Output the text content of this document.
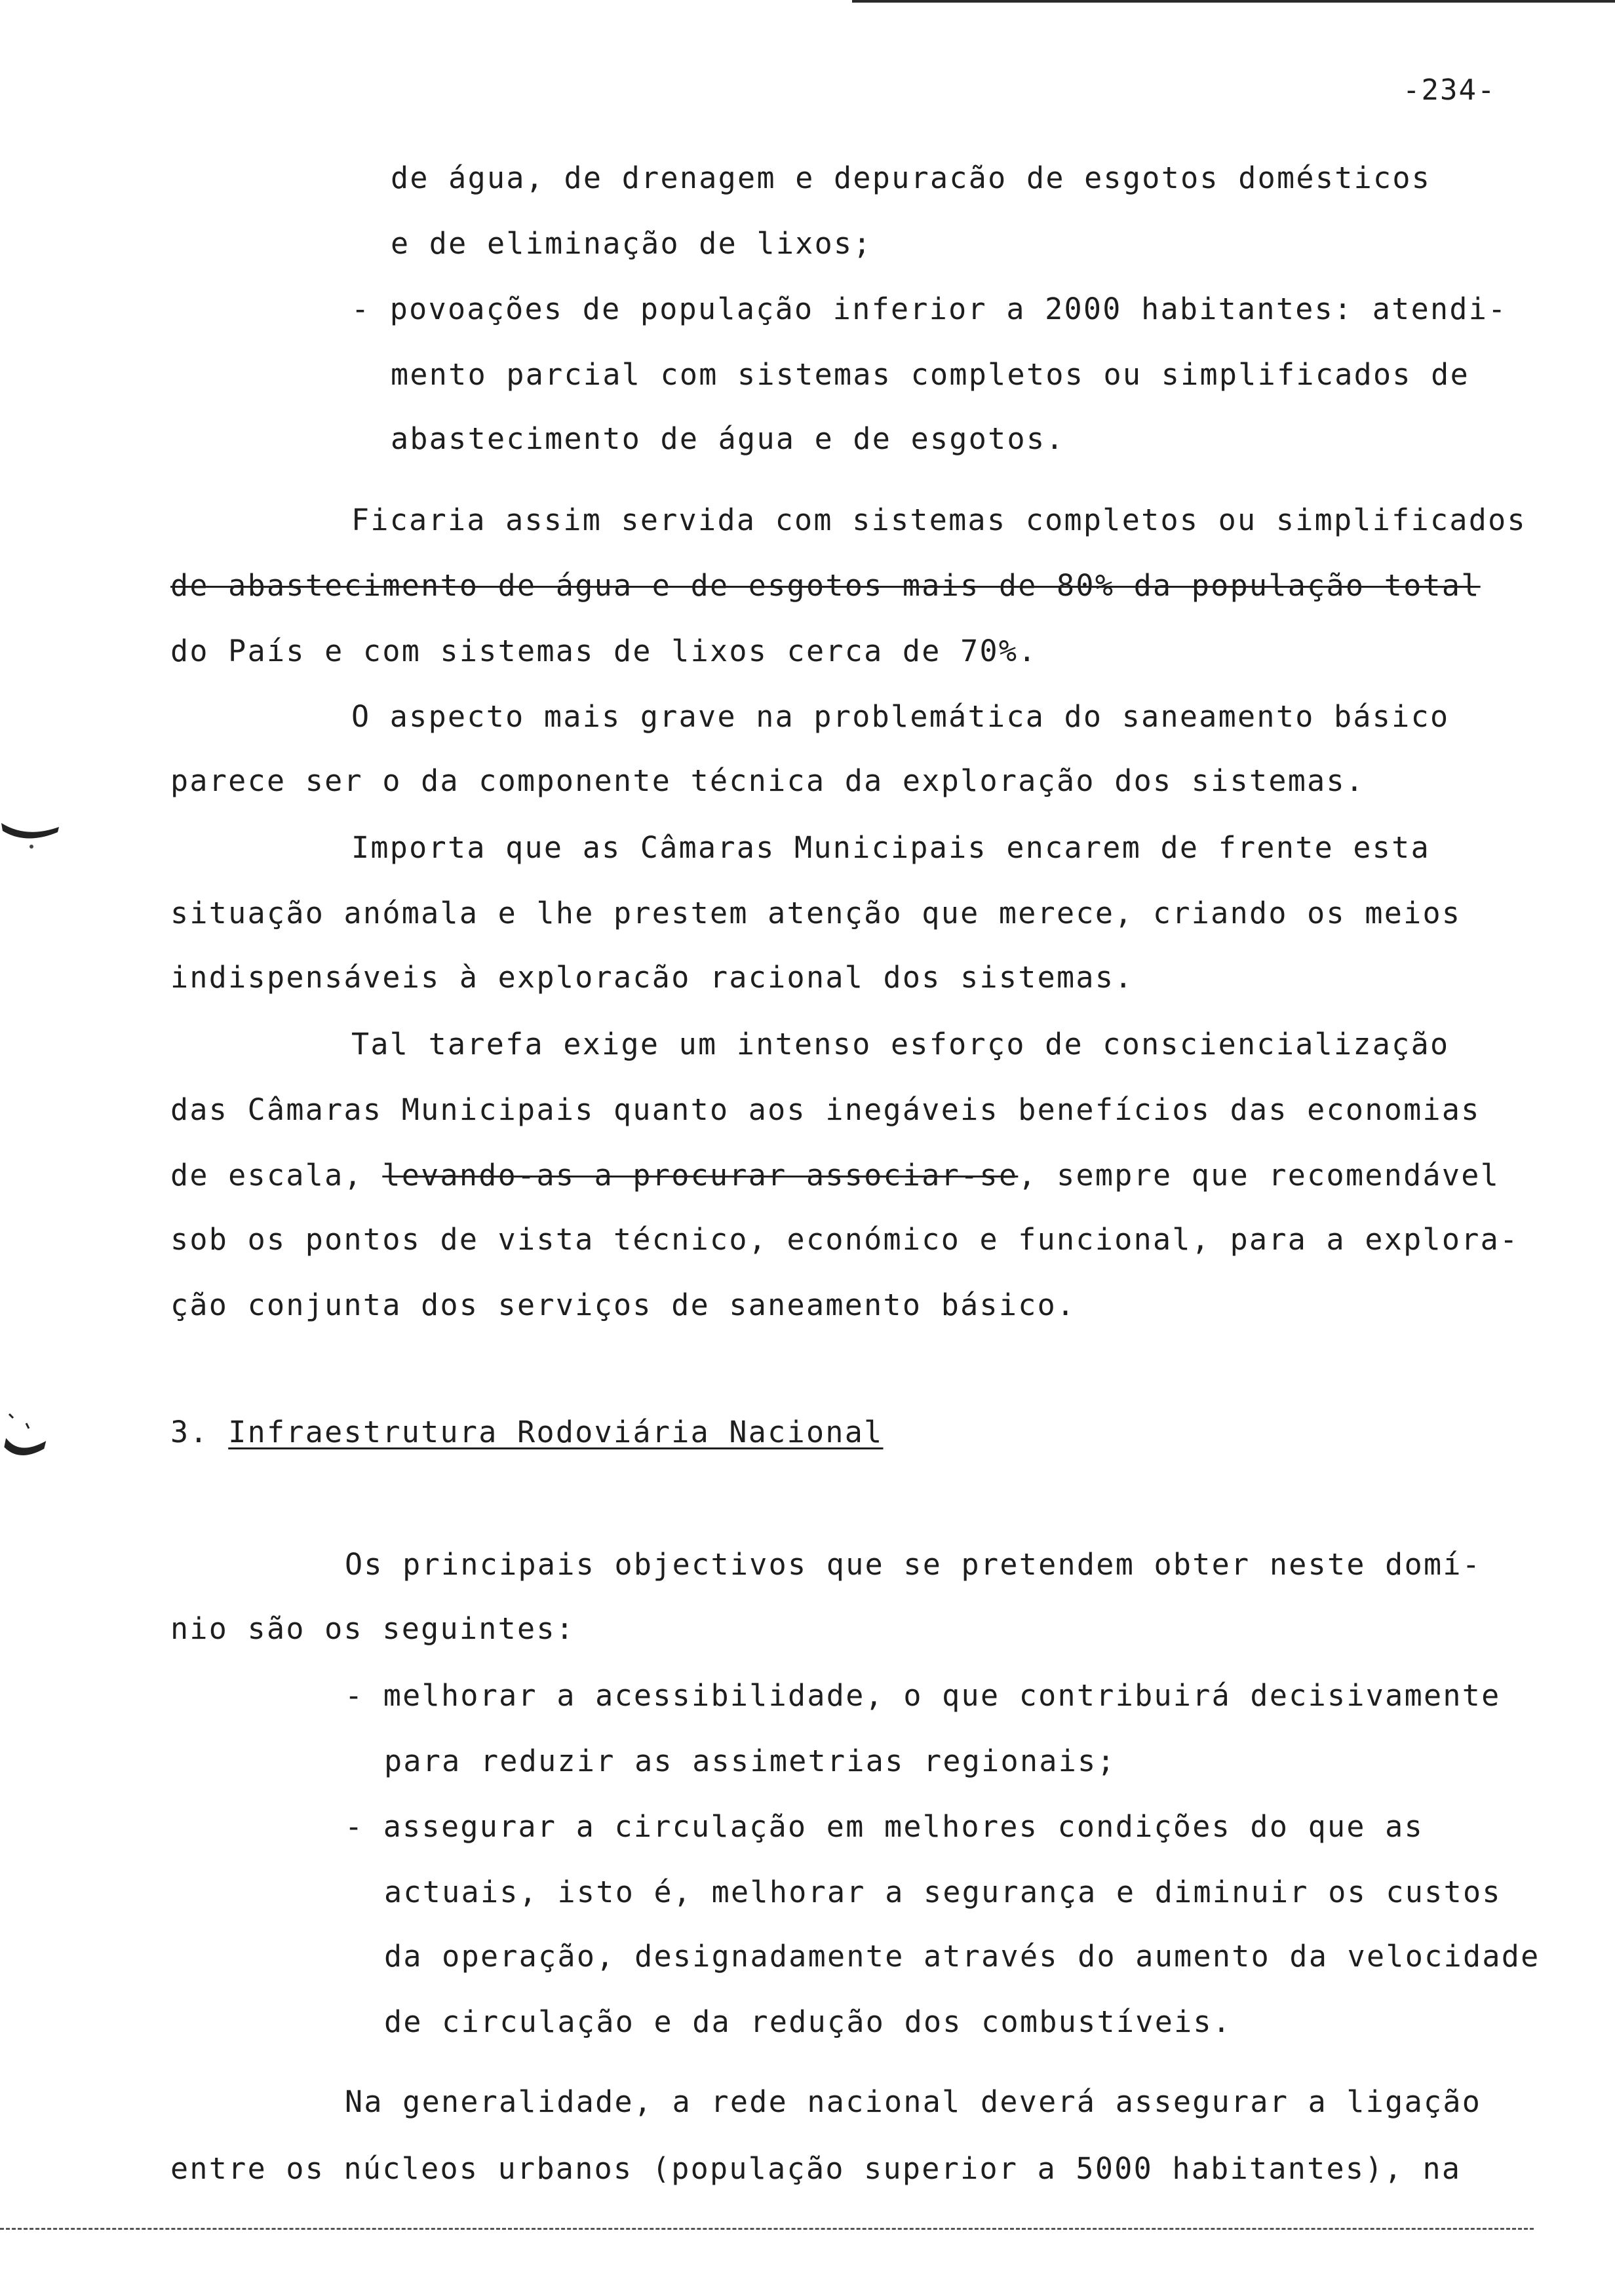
-234-
de água, de drenagem e depuracão de esgotos domésticos
e de eliminação de lixos;
- povoações de população inferior a 2000 habitantes: atendi-
mento parcial com sistemas completos ou simplificados de
abastecimento de água e de esgotos.
Ficaria assim servida com sistemas completos ou simplificados
de abastecimento de água e de esgotos mais de 80% da população total
do País e com sistemas de lixos cerca de 70%.
O aspecto mais grave na problemática do saneamento básico
parece ser o da componente técnica da exploração dos sistemas.
Importa que as Câmaras Municipais encarem de frente esta
situação anómala e lhe prestem atenção que merece, criando os meios
indispensáveis à exploracão racional dos sistemas.
Tal tarefa exige um intenso esforço de consciencialização
das Câmaras Municipais quanto aos inegáveis benefícios das economias
de escala, levando-as a procurar associar-se, sempre que recomendável
sob os pontos de vista técnico, económico e funcional, para a explora-
ção conjunta dos serviços de saneamento básico.
3. Infraestrutura Rodoviária Nacional
Os principais objectivos que se pretendem obter neste domí-
nio são os seguintes:
- melhorar a acessibilidade, o que contribuirá decisivamente
para reduzir as assimetrias regionais;
- assegurar a circulação em melhores condições do que as
actuais, isto é, melhorar a segurança e diminuir os custos
da operação, designadamente através do aumento da velocidade
de circulação e da redução dos combustíveis.
Na generalidade, a rede nacional deverá assegurar a ligação
entre os núcleos urbanos (população superior a 5000 habitantes), na
